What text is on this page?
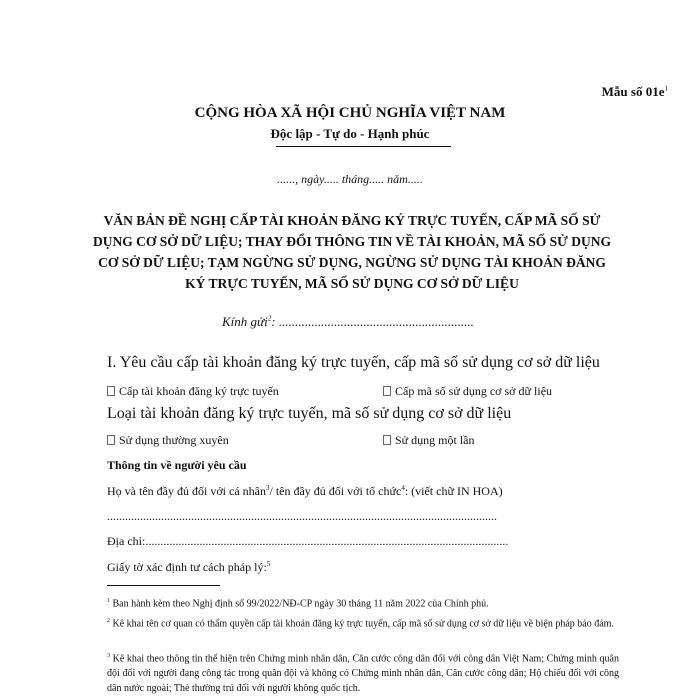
Mẫu số $01e^1$
CỘNG HÒA XÃ HỘI CHỦ NGHĨA VIỆT NAM
Độc lập - Tự do - Hạnh phúc
......, ngày..... tháng..... năm.....
VĂN BẢN ĐỀ NGHỊ CẤP TÀI KHOẢN ĐĂNG KÝ TRỰC TUYẾN, CẤP MÃ SỐ SỬ
DỤNG CƠ SỞ DỮ LIỆU; THAY ĐỔI THÔNG TIN VỀ TÀI KHOẢN, MÃ SỐ SỬ DỤNG
CƠ SỞ DỮ LIỆU; TẠM NGỪNG SỬ DỤNG, NGỪNG SỬ DỤNG TÀI KHOẢN ĐĂNG
KÝ TRỰC TUYẾN, MÃ SỐ SỬ DỤNG CƠ SỞ DỮ LIỆU
Kính gửi$^2$: ............................................................
I. Yêu cầu cấp tài khoản đăng ký trực tuyến, cấp mã số sử dụng cơ sở dữ liệu
Cấp tài khoản đăng ký trực tuyến	Cấp mã số sử dụng cơ sở dữ liệu
Loại tài khoản đăng ký trực tuyến, mã số sử dụng cơ sở dữ liệu
Sử dụng thường xuyên	Sử dụng một lần
Thông tin về người yêu cầu
Họ và tên đầy đủ đối với cá nhân$^3$/ tên đầy đủ đối với tổ chức$^4$: (viết chữ IN HOA)
..................................................................................................................................
Địa chỉ:.........................................................................................................................
Giấy tờ xác định tư cách pháp lý:$^5$
$^1$ Ban hành kèm theo Nghị định số 99/2022/NĐ-CP ngày 30 tháng 11 năm 2022 của Chính phủ.
$^2$ Kê khai tên cơ quan có thẩm quyền cấp tài khoản đăng ký trực tuyến, cấp mã số sử dụng cơ sở dữ liệu về biện pháp bảo đảm.
$^3$ Kê khai theo thông tin thể hiện trên Chứng minh nhân dân, Căn cước công dân đối với công dân Việt Nam; Chứng minh quân đội đối với người đang công tác trong quân đội và không có Chứng minh nhân dân, Căn cước công dân; Hộ chiếu đối với công dân nước ngoài; Thẻ thường trú đối với người không quốc tịch.
